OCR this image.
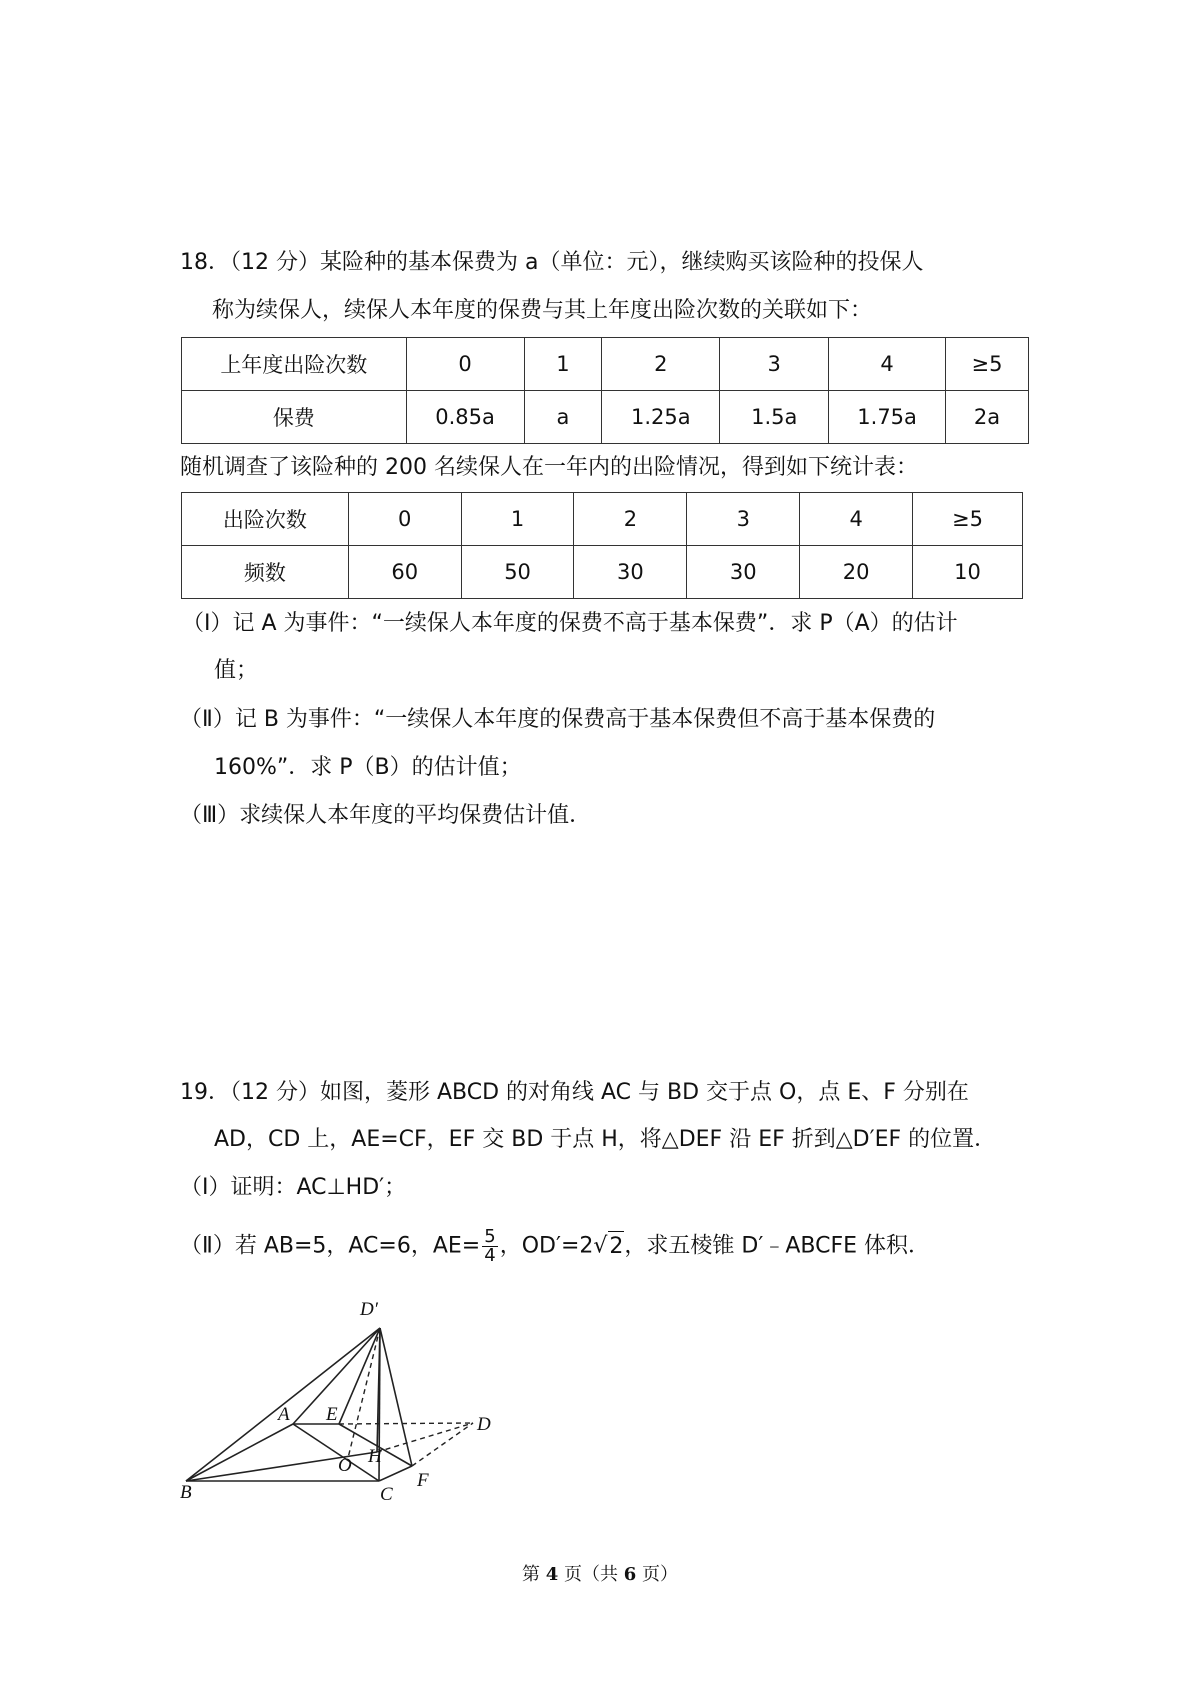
18．（12 分）某险种的基本保费为 a（单位：元），继续购买该险种的投保人
称为续保人，续保人本年度的保费与其上年度出险次数的关联如下：
上年度出险次数	0	1	2	3	4	≥5
保费	0.85a	a	1.25a	1.5a	1.75a	2a
随机调查了该险种的 200 名续保人在一年内的出险情况，得到如下统计表：
出险次数	0	1	2	3	4	≥5
频数	60	50	30	30	20	10
（Ⅰ）记 A 为事件：“一续保人本年度的保费不高于基本保费”．求 P（A）的估计
值；
（Ⅱ）记 B 为事件：“一续保人本年度的保费高于基本保费但不高于基本保费的
160%”．求 P（B）的估计值；
（Ⅲ）求续保人本年度的平均保费估计值．
19．（12 分）如图，菱形 ABCD 的对角线 AC 与 BD 交于点 O，点 E、F 分别在
AD，CD 上，AE=CF，EF 交 BD 于点 H，将△DEF 沿 EF 折到△D′EF 的位置．
（Ⅰ）证明：AC⊥HD′；
（Ⅱ）若 AB=5，AC=6，$AE= \frac{5}{4}$ ，OD′=2√2，求五棱锥 D′﹣ABCFE 体积．
D′
A E	D
O H
B	C
F
第 4 页（共 6 页）
